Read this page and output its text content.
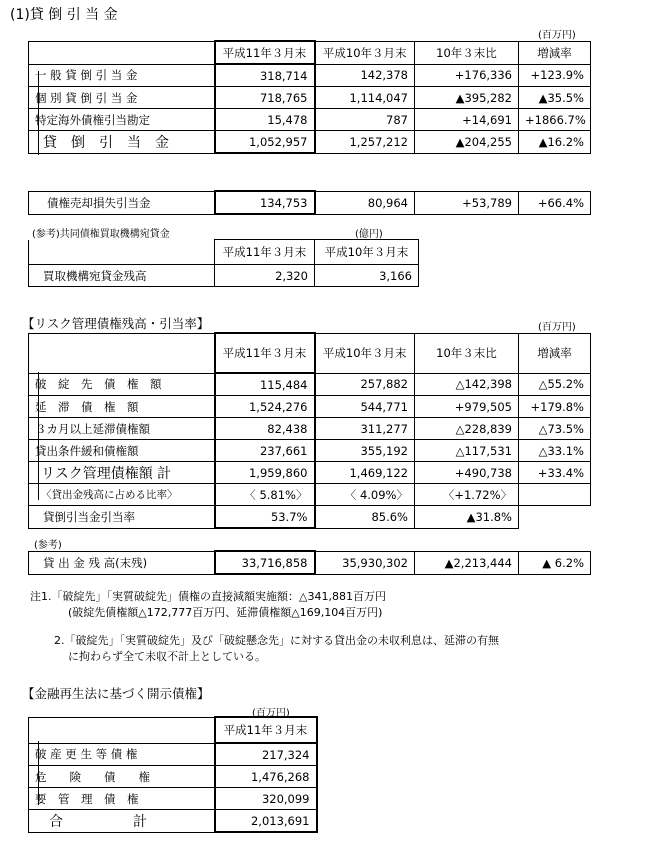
(1)貸 倒 引 当 金
(百万円)
	平成11年３月末	平成10年３月末	10年３末比	増減率
一 般 貸 倒 引 当 金	318,714	142,378	+176,336	+123.9%
個 別 貸 倒 引 当 金	718,765	1,114,047	▲395,282	▲35.5%
特定海外債権引当勘定	15,478	787	+14,691	+1866.7%
貸　倒　引　当　金	1,052,957	1,257,212	▲204,255	▲16.2%
債権売却損失引当金	134,753	80,964	+53,789	+66.4%
(参考)共同債権買取機構宛貸金	(億円)
	平成11年３月末	平成10年３月末
買取機構宛貸金残高	2,320	3,166
【リスク管理債権残高・引当率】	(百万円)
	平成11年３月末	平成10年３月末	10年３末比	増減率
破　綻　先　債　権　額	115,484	257,882	△142,398	△55.2%
延　滞　債　権　額	1,524,276	544,771	+979,505	+179.8%
３カ月以上延滞債権額	82,438	311,277	△228,839	△73.5%
貸出条件緩和債権額	237,661	355,192	△117,531	△33.1%
リスク管理債権額 計	1,959,860	1,469,122	+490,738	+33.4%
〈貸出金残高に占める比率〉	〈 5.81%〉	〈 4.09%〉	〈+1.72%〉	
貸倒引当金引当率	53.7%	85.6%	▲31.8%	
(参考)
貸 出 金 残 高(末残)	33,716,858	35,930,302	▲2,213,444	▲ 6.2%
注1.「破綻先」「実質破綻先」債権の直接減額実施額：△341,881百万円
(破綻先債権額△172,777百万円、延滞債権額△169,104百万円)
2.「破綻先」「実質破綻先」及び「破綻懸念先」に対する貸出金の未収利息は、延滞の有無
に拘わらず全て未収不計上としている。
【金融再生法に基づく開示債権】
(百万円)
	平成11年３月末
破 産 更 生 等 債 権	217,324
危　　険　　債　　権	1,476,268
要　管　理　債　権	320,099
合　　　　　計	2,013,691
